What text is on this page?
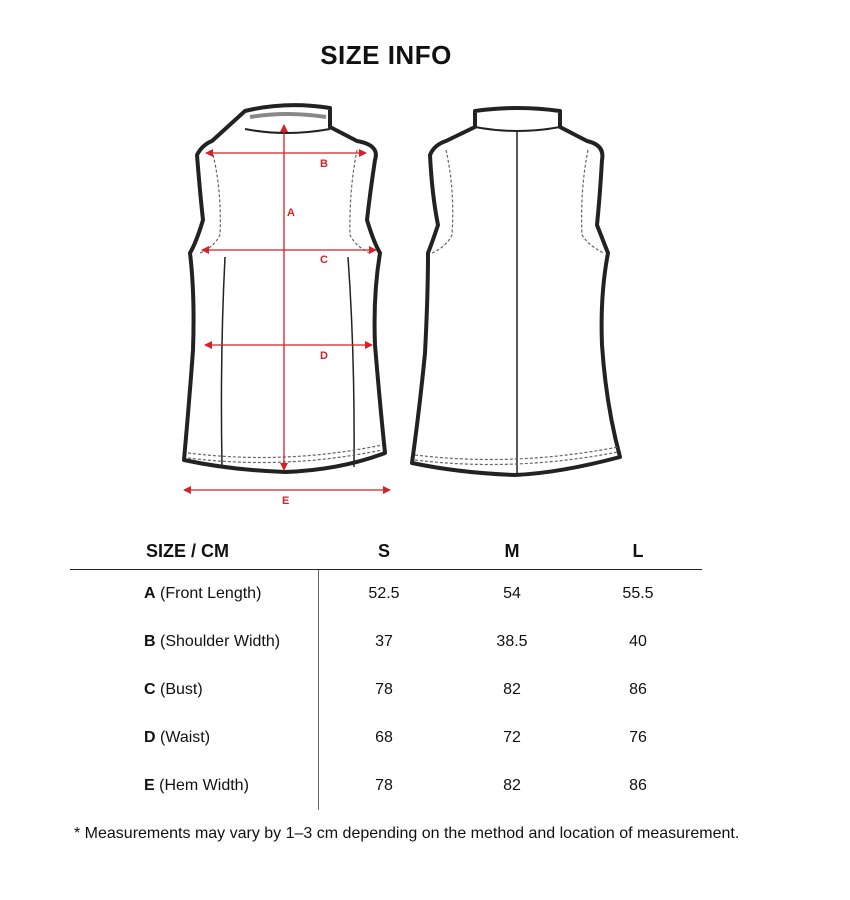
SIZE INFO
A
B
C
D
E
SIZE / CM	S	M	L
A (Front Length)	52.5	54	55.5
B (Shoulder Width)	37	38.5	40
C (Bust)	78	82	86
D (Waist)	68	72	76
E (Hem Width)	78	82	86
* Measurements may vary by 1–3 cm depending on the method and location of measurement.
